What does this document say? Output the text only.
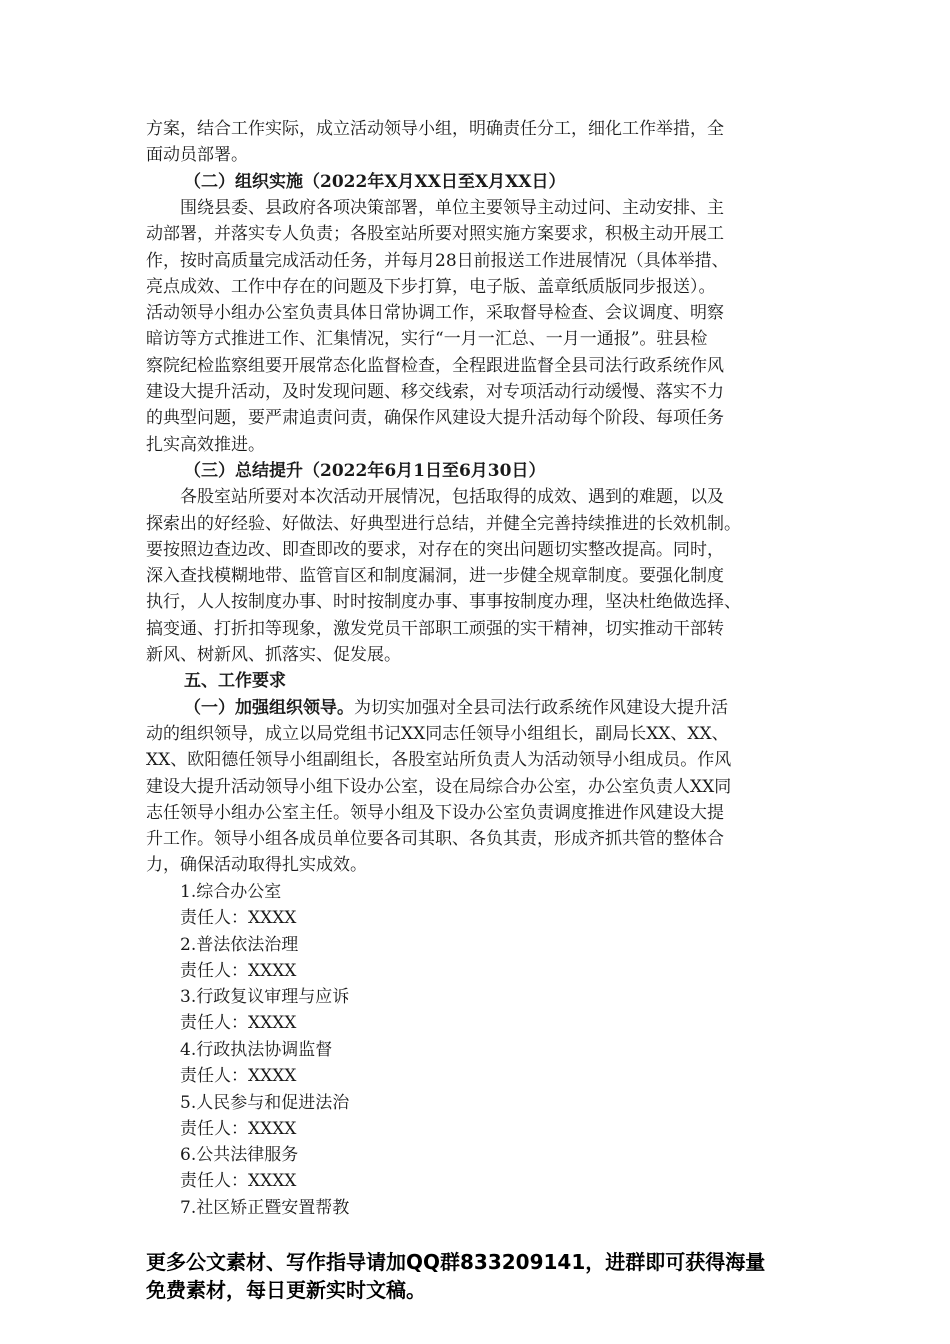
方案，结合工作实际，成立活动领导小组，明确责任分工，细化工作举措，全
面动员部署。
（二）组织实施（2022年X月XX日至X月XX日）
围绕县委、县政府各项决策部署，单位主要领导主动过问、主动安排、主
动部署，并落实专人负责；各股室站所要对照实施方案要求，积极主动开展工
作，按时高质量完成活动任务，并每月28日前报送工作进展情况（具体举措、
亮点成效、工作中存在的问题及下步打算，电子版、盖章纸质版同步报送）。
活动领导小组办公室负责具体日常协调工作，采取督导检查、会议调度、明察
暗访等方式推进工作、汇集情况，实行“一月一汇总、一月一通报”。驻县检
察院纪检监察组要开展常态化监督检查，全程跟进监督全县司法行政系统作风
建设大提升活动，及时发现问题、移交线索，对专项活动行动缓慢、落实不力
的典型问题，要严肃追责问责，确保作风建设大提升活动每个阶段、每项任务
扎实高效推进。
（三）总结提升（2022年6月1日至6月30日）
各股室站所要对本次活动开展情况，包括取得的成效、遇到的难题，以及
探索出的好经验、好做法、好典型进行总结，并健全完善持续推进的长效机制。
要按照边查边改、即查即改的要求，对存在的突出问题切实整改提高。同时，
深入查找模糊地带、监管盲区和制度漏洞，进一步健全规章制度。要强化制度
执行，人人按制度办事、时时按制度办事、事事按制度办理，坚决杜绝做选择、
搞变通、打折扣等现象，激发党员干部职工顽强的实干精神，切实推动干部转
新风、树新风、抓落实、促发展。
五、工作要求
（一）加强组织领导。为切实加强对全县司法行政系统作风建设大提升活
动的组织领导，成立以局党组书记XX同志任领导小组组长，副局长XX、XX、
XX、欧阳德任领导小组副组长，各股室站所负责人为活动领导小组成员。作风
建设大提升活动领导小组下设办公室，设在局综合办公室，办公室负责人XX同
志任领导小组办公室主任。领导小组及下设办公室负责调度推进作风建设大提
升工作。领导小组各成员单位要各司其职、各负其责，形成齐抓共管的整体合
力，确保活动取得扎实成效。
1.综合办公室
责任人：XXXX
2.普法依法治理
责任人：XXXX
3.行政复议审理与应诉
责任人：XXXX
4.行政执法协调监督
责任人：XXXX
5.人民参与和促进法治
责任人：XXXX
6.公共法律服务
责任人：XXXX
7.社区矫正暨安置帮教
更多公文素材、写作指导请加QQ群833209141，进群即可获得海量
免费素材，每日更新实时文稿。
